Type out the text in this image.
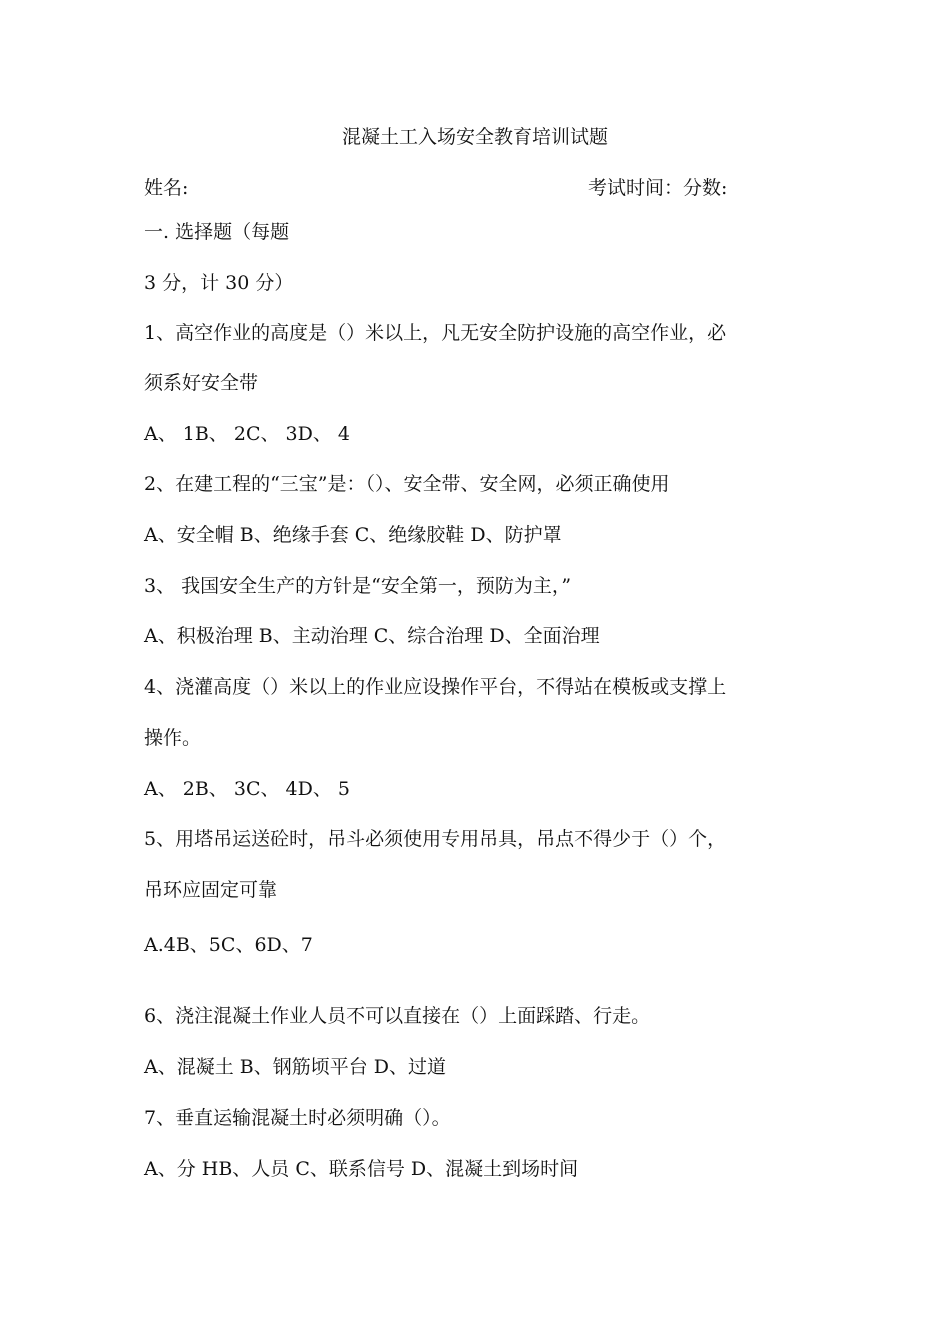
混凝土工入场安全教育培训试题
姓名:	考试时间：分数:
一. 选择题（每题
3 分，计 30 分）
1、高空作业的高度是（）米以上，凡无安全防护设施的高空作业，必
须系好安全带
A、 1B、 2C、 3D、 4
2、在建工程的“三宝”是：（）、安全带、安全网，必须正确使用
A、安全帽 B、绝缘手套 C、绝缘胶鞋 D、防护罩
3、 我国安全生产的方针是“安全第一，预防为主，”
A、积极治理 B、主动治理 C、综合治理 D、全面治理
4、浇灌高度（）米以上的作业应设操作平台，不得站在模板或支撑上
操作。
A、 2B、 3C、 4D、 5
5、用塔吊运送砼时，吊斗必须使用专用吊具，吊点不得少于（）个，
吊环应固定可靠
A.4B、5C、6D、7
6、浇注混凝土作业人员不可以直接在（）上面踩踏、行走。
A、混凝土 B、钢筋顷平台 D、过道
7、垂直运输混凝土时必须明确（）。
A、分 HB、人员 C、联系信号 D、混凝土到场时间
